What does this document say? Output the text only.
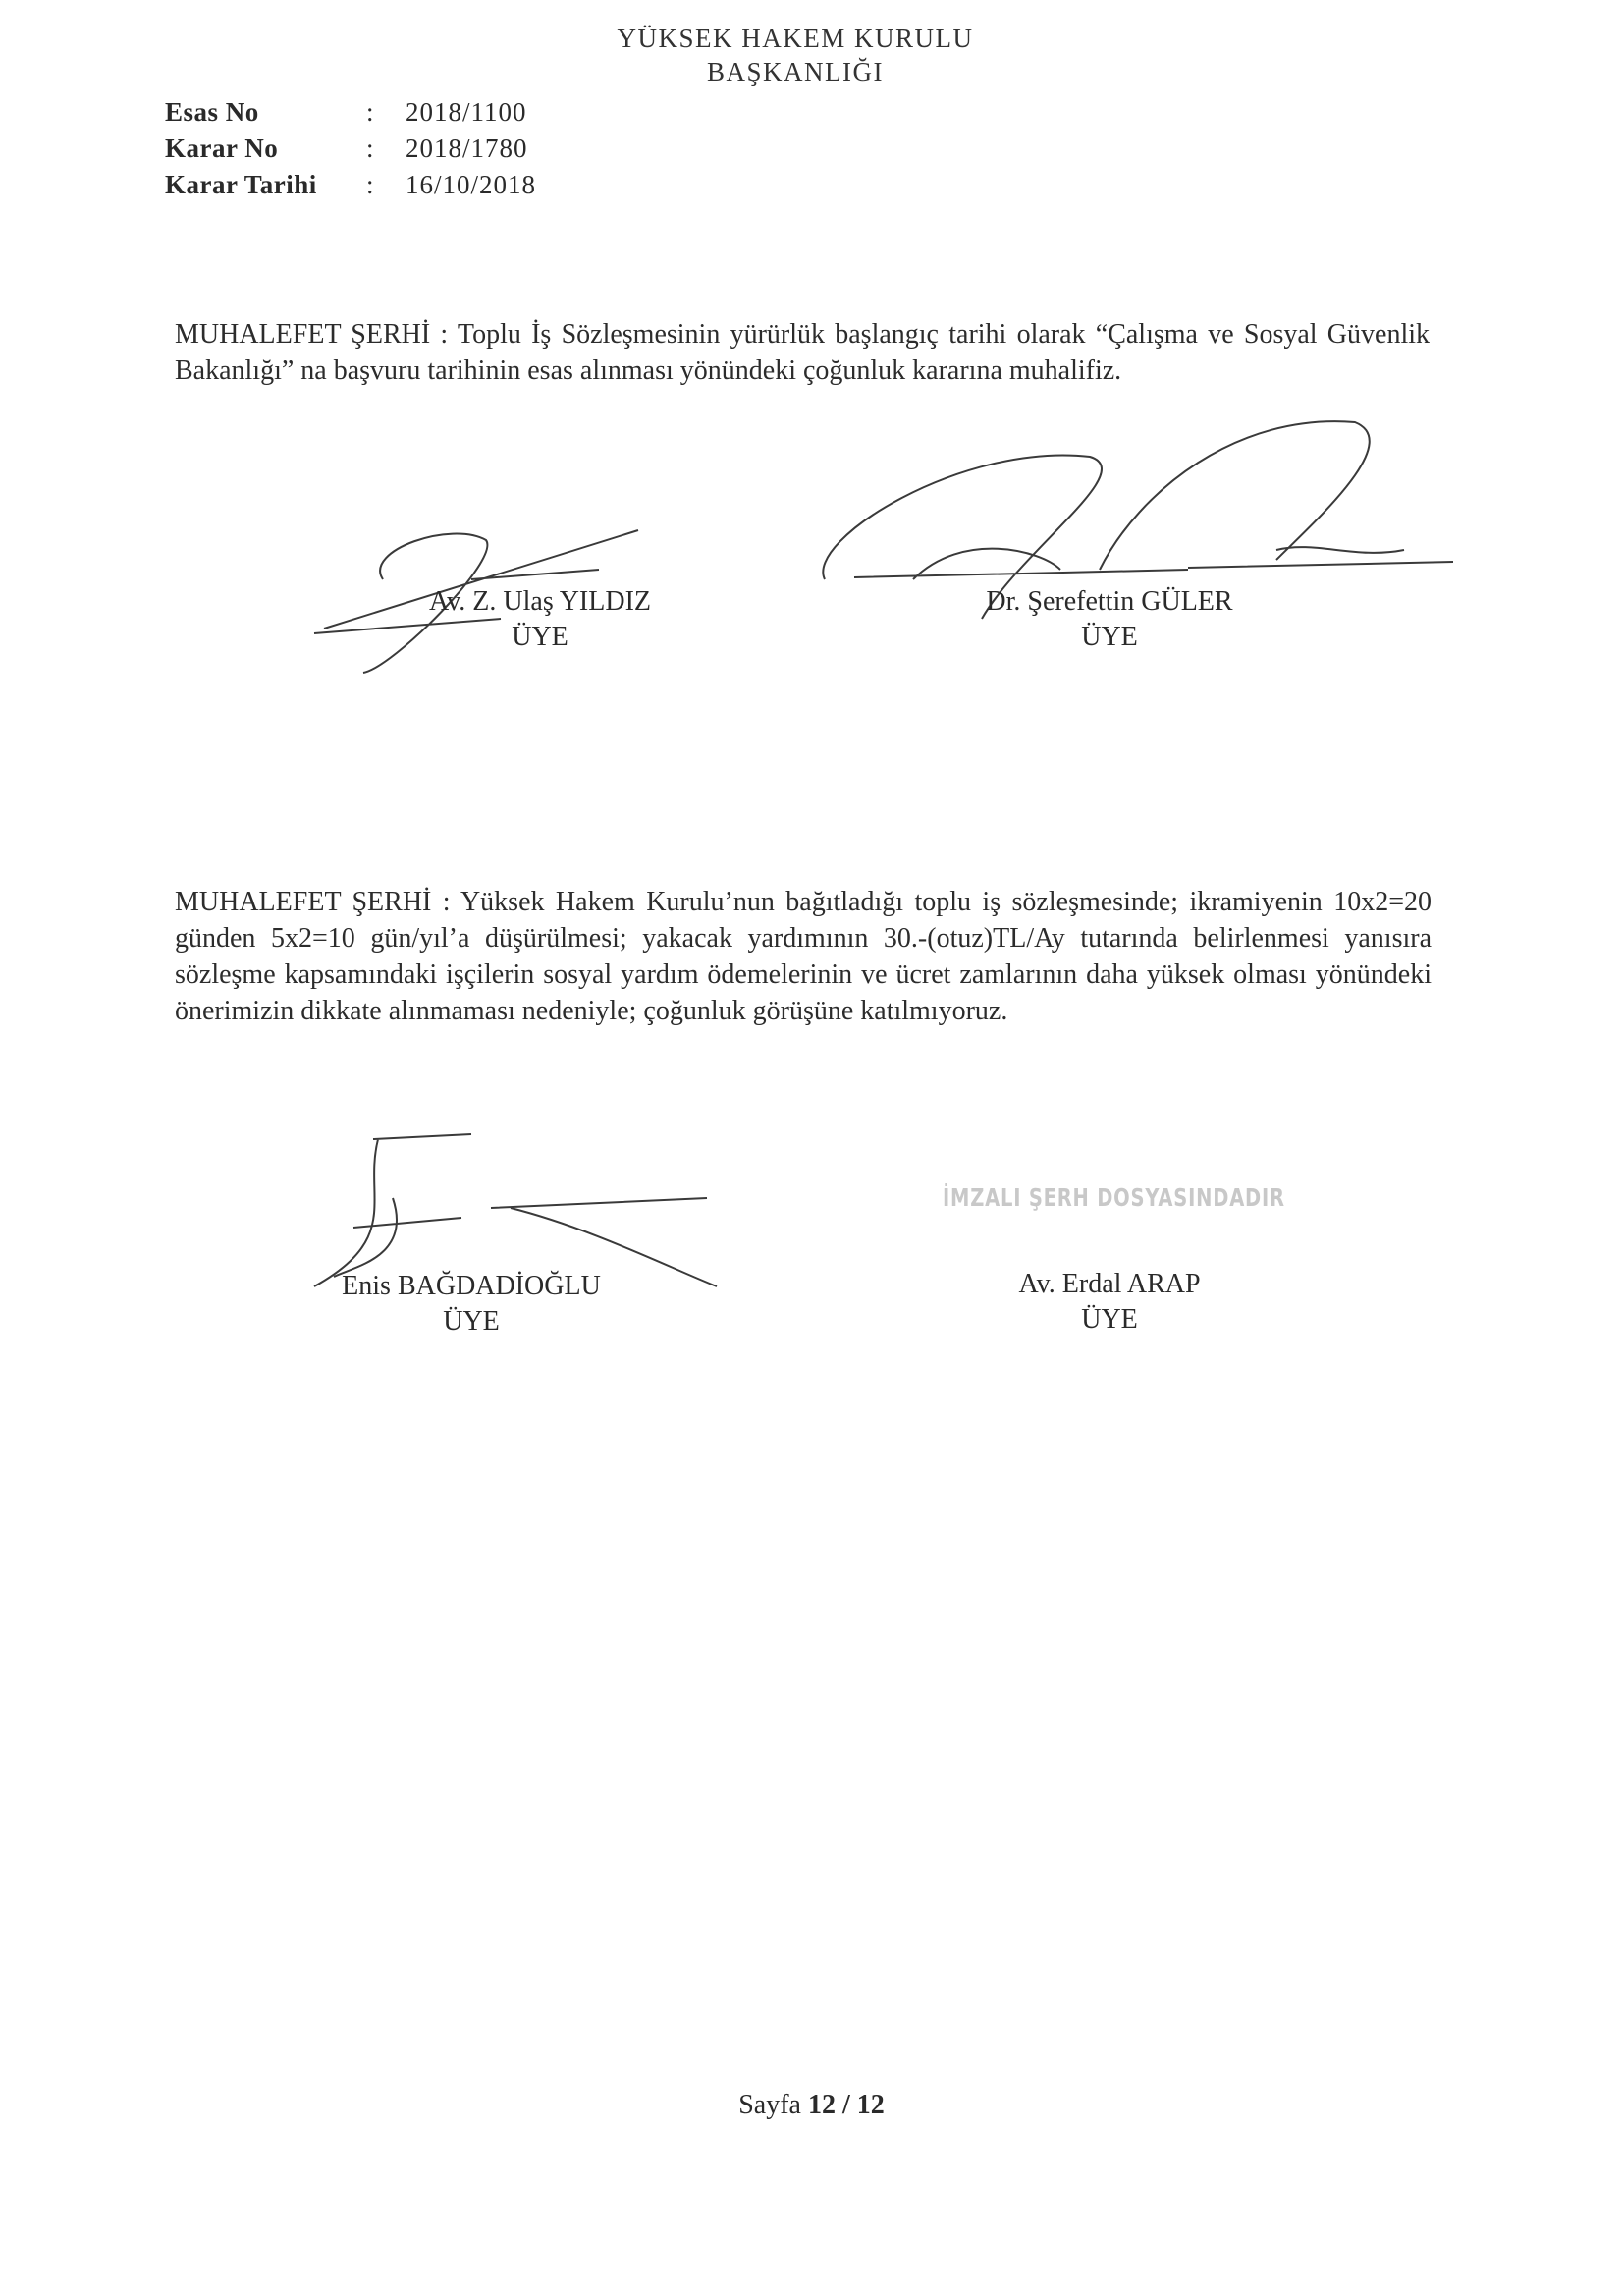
YÜKSEK HAKEM KURULU
BAŞKANLIĞI
Esas No	:	2018/1100
Karar No	:	2018/1780
Karar Tarihi	:	16/10/2018
MUHALEFET ŞERHİ : Toplu İş Sözleşmesinin yürürlük başlangıç tarihi olarak “Çalışma ve Sosyal Güvenlik Bakanlığı” na başvuru tarihinin esas alınması yönündeki çoğunluk kararına muhalifiz.
Av. Z. Ulaş YILDIZ
ÜYE
Dr. Şerefettin GÜLER
ÜYE
MUHALEFET ŞERHİ : Yüksek Hakem Kurulu’nun bağıtladığı toplu iş sözleşmesinde; ikramiyenin 10x2=20 günden 5x2=10 gün/yıl’a düşürülmesi; yakacak yardımının 30.-(otuz)TL/Ay tutarında belirlenmesi yanısıra sözleşme kapsamındaki işçilerin sosyal yardım ödemelerinin ve ücret zamlarının daha yüksek olması yönündeki önerimizin dikkate alınmaması nedeniyle; çoğunluk görüşüne katılmıyoruz.
Enis BAĞDADİOĞLU
ÜYE
İMZALI ŞERH DOSYASINDADIR
Av. Erdal ARAP
ÜYE
Sayfa 12 / 12
